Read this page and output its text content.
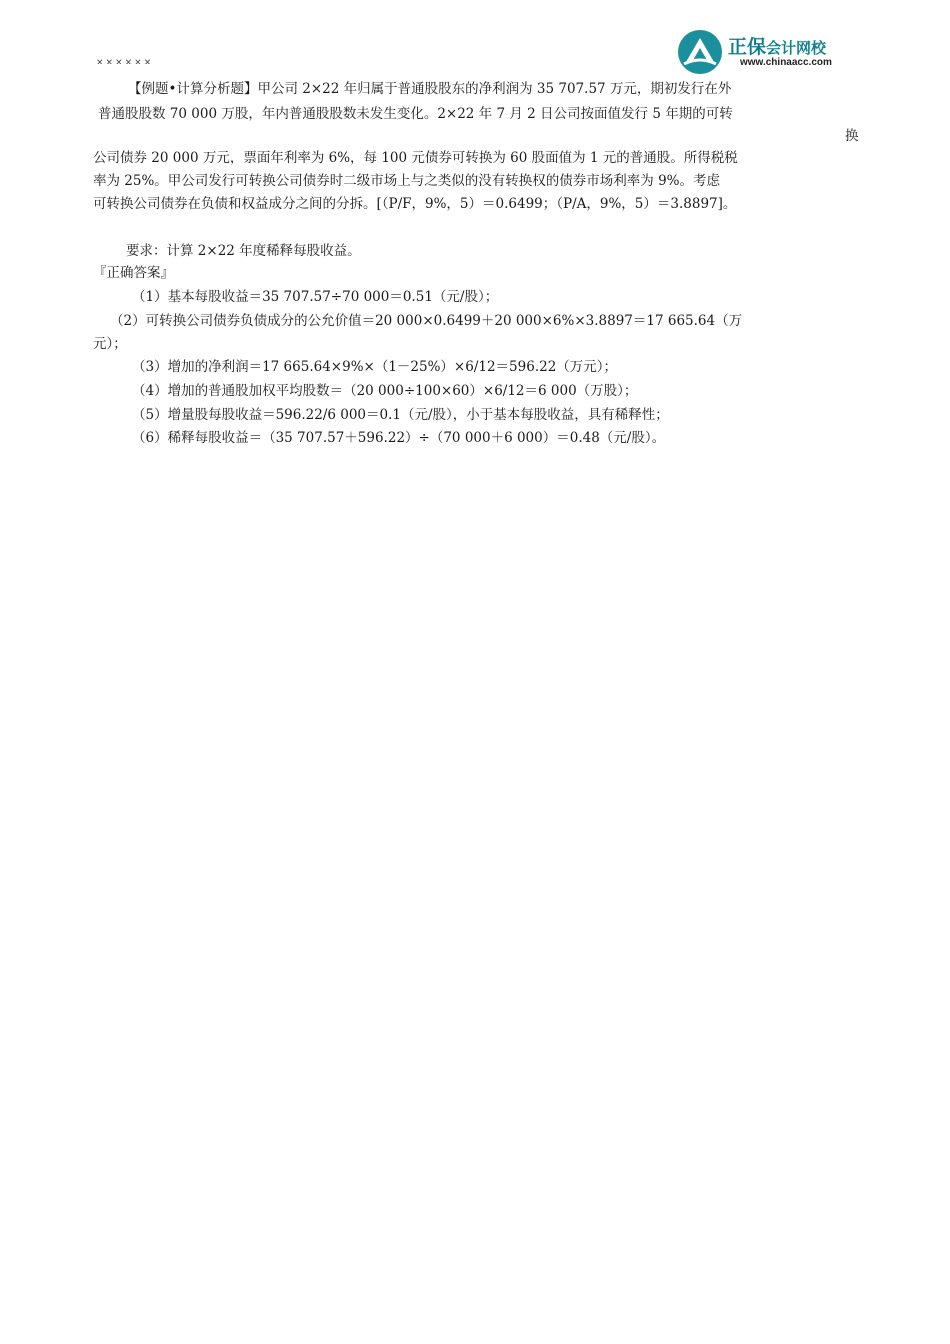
正保会计网校
www.chinaacc.com
××××××
【例题•计算分析题】甲公司 2×22 年归属于普通股股东的净利润为 35 707.57 万元，期初发行在外
普通股股数 70 000 万股，年内普通股股数未发生变化。2×22 年 7 月 2 日公司按面值发行 5 年期的可转
换
公司债券 20 000 万元，票面年利率为 6%，每 100 元债券可转换为 60 股面值为 1 元的普通股。所得税税
率为 25%。甲公司发行可转换公司债券时二级市场上与之类似的没有转换权的债券市场利率为 9%。考虑
可转换公司债券在负债和权益成分之间的分拆。[（P/F，9%，5）＝0.6499；（P/A，9%，5）＝3.8897]。
要求：计算 2×22 年度稀释每股收益。
『正确答案』
（1）基本每股收益＝35 707.57÷70 000＝0.51（元/股）；
（2）可转换公司债券负债成分的公允价值＝20 000×0.6499＋20 000×6%×3.8897＝17 665.64（万
元）；
（3）增加的净利润＝17 665.64×9%×（1－25%）×6/12＝596.22（万元）；
（4）增加的普通股加权平均股数＝（20 000÷100×60）×6/12＝6 000（万股）；
（5）增量股每股收益＝596.22/6 000＝0.1（元/股），小于基本每股收益，具有稀释性；
（6）稀释每股收益＝（35 707.57＋596.22）÷（70 000＋6 000）＝0.48（元/股）。
